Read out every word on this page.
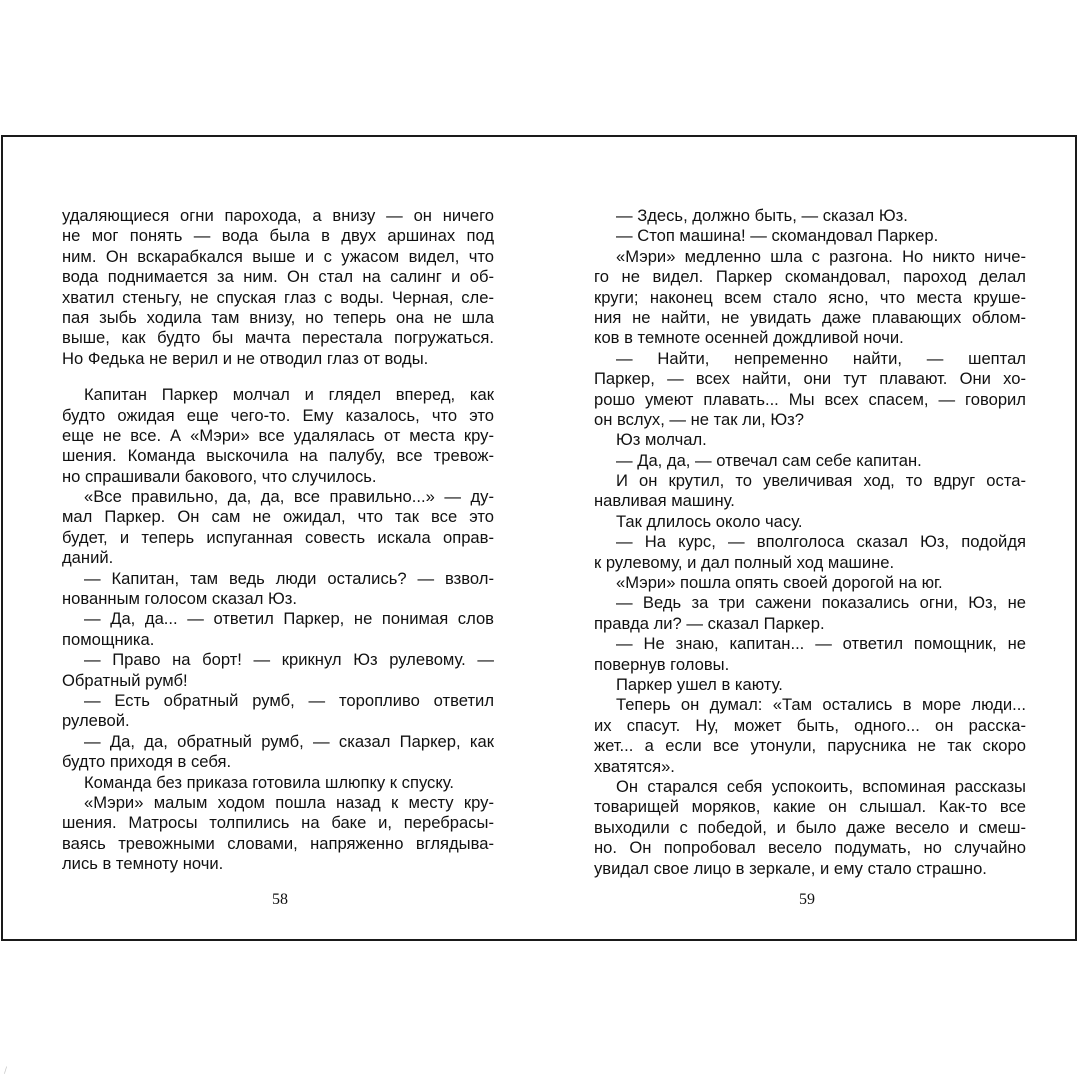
удаляющиеся огни парохода, а внизу — он ничего
не мог понять — вода была в двух аршинах под
ним. Он вскарабкался выше и с ужасом видел, что
вода поднимается за ним. Он стал на салинг и об-
хватил стеньгу, не спуская глаз с воды. Черная, сле-
пая зыбь ходила там внизу, но теперь она не шла
выше, как будто бы мачта перестала погружаться.
Но Федька не верил и не отводил глаз от воды.
Капитан Паркер молчал и глядел вперед, как
будто ожидая еще чего-то. Ему казалось, что это
еще не все. А «Мэри» все удалялась от места кру-
шения. Команда выскочила на палубу, все тревож-
но спрашивали бакового, что случилось.
«Все правильно, да, да, все правильно...» — ду-
мал Паркер. Он сам не ожидал, что так все это
будет, и теперь испуганная совесть искала оправ-
даний.
— Капитан, там ведь люди остались? — взвол-
нованным голосом сказал Юз.
— Да, да... — ответил Паркер, не понимая слов
помощника.
— Право на борт! — крикнул Юз рулевому. —
Обратный румб!
— Есть обратный румб, — торопливо ответил
рулевой.
— Да, да, обратный румб, — сказал Паркер, как
будто приходя в себя.
Команда без приказа готовила шлюпку к спуску.
«Мэри» малым ходом пошла назад к месту кру-
шения. Матросы толпились на баке и, перебрасы-
ваясь тревожными словами, напряженно вглядыва-
лись в темноту ночи.
— Здесь, должно быть, — сказал Юз.
— Стоп машина! — скомандовал Паркер.
«Мэри» медленно шла с разгона. Но никто ниче-
го не видел. Паркер скомандовал, пароход делал
круги; наконец всем стало ясно, что места круше-
ния не найти, не увидать даже плавающих облом-
ков в темноте осенней дождливой ночи.
— Найти, непременно найти, — шептал
Паркер, — всех найти, они тут плавают. Они хо-
рошо умеют плавать... Мы всех спасем, — говорил
он вслух, — не так ли, Юз?
Юз молчал.
— Да, да, — отвечал сам себе капитан.
И он крутил, то увеличивая ход, то вдруг оста-
навливая машину.
Так длилось около часу.
— На курс, — вполголоса сказал Юз, подойдя
к рулевому, и дал полный ход машине.
«Мэри» пошла опять своей дорогой на юг.
— Ведь за три сажени показались огни, Юз, не
правда ли? — сказал Паркер.
— Не знаю, капитан... — ответил помощник, не
повернув головы.
Паркер ушел в каюту.
Теперь он думал: «Там остались в море люди...
их спасут. Ну, может быть, одного... он расска-
жет... а если все утонули, парусника не так скоро
хватятся».
Он старался себя успокоить, вспоминая рассказы
товарищей моряков, какие он слышал. Как-то все
выходили с победой, и было даже весело и смеш-
но. Он попробовал весело подумать, но случайно
увидал свое лицо в зеркале, и ему стало страшно.
58	59
/
